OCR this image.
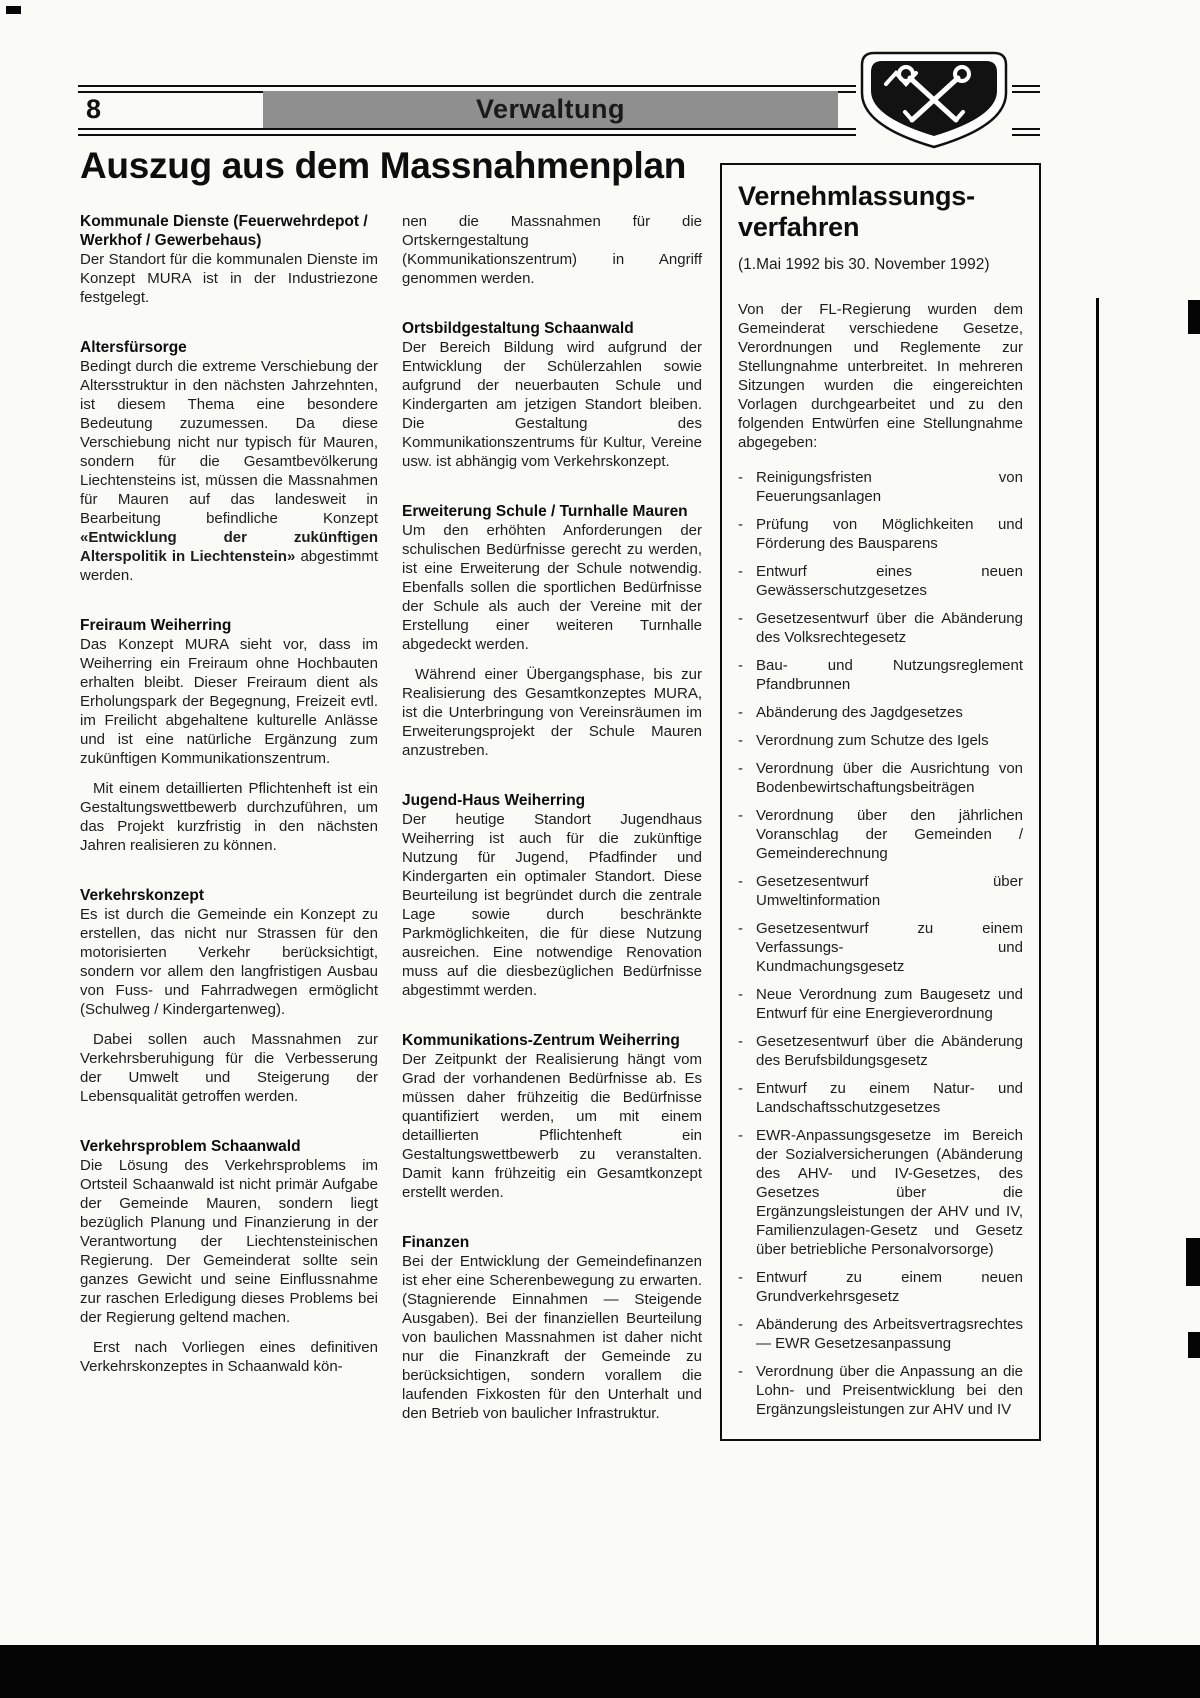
8	Verwaltung
Auszug aus dem Massnahmenplan
Kommunale Dienste (Feuerwehrdepot / Werkhof / Gewerbehaus)

Der Standort für die kommunalen Dienste im Konzept MURA ist in der Industriezone festgelegt.

Altersfürsorge

Bedingt durch die extreme Verschiebung der Altersstruktur in den nächsten Jahrzehnten, ist diesem Thema eine besondere Bedeutung zuzumessen. Da diese Verschiebung nicht nur typisch für Mauren, sondern für die Gesamtbevölkerung Liechtensteins ist, müssen die Massnahmen für Mauren auf das landesweit in Bearbeitung befindliche Konzept «Entwicklung der zukünftigen Alterspolitik in Liechtenstein» abgestimmt werden.

Freiraum Weiherring

Das Konzept MURA sieht vor, dass im Weiherring ein Freiraum ohne Hochbauten erhalten bleibt. Dieser Freiraum dient als Erholungspark der Begegnung, Freizeit evtl. im Freilicht abgehaltene kulturelle Anlässe und ist eine natürliche Ergänzung zum zukünftigen Kommunikationszentrum.

Mit einem detaillierten Pflichtenheft ist ein Gestaltungswettbewerb durchzuführen, um das Projekt kurzfristig in den nächsten Jahren realisieren zu können.

Verkehrskonzept

Es ist durch die Gemeinde ein Konzept zu erstellen, das nicht nur Strassen für den motorisierten Verkehr berücksichtigt, sondern vor allem den langfristigen Ausbau von Fuss- und Fahrradwegen ermöglicht (Schulweg / Kindergartenweg).

Dabei sollen auch Massnahmen zur Verkehrsberuhigung für die Verbesserung der Umwelt und Steigerung der Lebensqualität getroffen werden.

Verkehrsproblem Schaanwald

Die Lösung des Verkehrsproblems im Ortsteil Schaanwald ist nicht primär Aufgabe der Gemeinde Mauren, sondern liegt bezüglich Planung und Finanzierung in der Verantwortung der Liechtensteinischen Regierung. Der Gemeinderat sollte sein ganzes Gewicht und seine Einflussnahme zur raschen Erledigung dieses Problems bei der Regierung geltend machen.

Erst nach Vorliegen eines definitiven Verkehrskonzeptes in Schaanwald kön-

nen die Massnahmen für die Ortskerngestaltung (Kommunikationszentrum) in Angriff genommen werden.

Ortsbildgestaltung Schaanwald

Der Bereich Bildung wird aufgrund der Entwicklung der Schülerzahlen sowie aufgrund der neuerbauten Schule und Kindergarten am jetzigen Standort bleiben. Die Gestaltung des Kommunikationszentrums für Kultur, Vereine usw. ist abhängig vom Verkehrskonzept.

Erweiterung Schule / Turnhalle Mauren

Um den erhöhten Anforderungen der schulischen Bedürfnisse gerecht zu werden, ist eine Erweiterung der Schule notwendig. Ebenfalls sollen die sportlichen Bedürfnisse der Schule als auch der Vereine mit der Erstellung einer weiteren Turnhalle abgedeckt werden.

Während einer Übergangsphase, bis zur Realisierung des Gesamtkonzeptes MURA, ist die Unterbringung von Vereinsräumen im Erweiterungsprojekt der Schule Mauren anzustreben.

Jugend-Haus Weiherring

Der heutige Standort Jugendhaus Weiherring ist auch für die zukünftige Nutzung für Jugend, Pfadfinder und Kindergarten ein optimaler Standort. Diese Beurteilung ist begründet durch die zentrale Lage sowie durch beschränkte Parkmöglichkeiten, die für diese Nutzung ausreichen. Eine notwendige Renovation muss auf die diesbezüglichen Bedürfnisse abgestimmt werden.

Kommunikations-Zentrum Weiherring

Der Zeitpunkt der Realisierung hängt vom Grad der vorhandenen Bedürfnisse ab. Es müssen daher frühzeitig die Bedürfnisse quantifiziert werden, um mit einem detaillierten Pflichtenheft ein Gestaltungswettbewerb zu veranstalten. Damit kann frühzeitig ein Gesamtkonzept erstellt werden.

Finanzen

Bei der Entwicklung der Gemeindefinanzen ist eher eine Scherenbewegung zu erwarten. (Stagnierende Einnahmen — Steigende Ausgaben). Bei der finanziellen Beurteilung von baulichen Massnahmen ist daher nicht nur die Finanzkraft der Gemeinde zu berücksichtigen, sondern vorallem die laufenden Fixkosten für den Unterhalt und den Betrieb von baulicher Infrastruktur.

Vernehmlassungs-
verfahren

(1.Mai 1992 bis 30. November 1992)

Von der FL-Regierung wurden dem Gemeinderat verschiedene Gesetze, Verordnungen und Reglemente zur Stellungnahme unterbreitet. In mehreren Sitzungen wurden die eingereichten Vorlagen durchgearbeitet und zu den folgenden Entwürfen eine Stellungnahme abgegeben:

- Reinigungsfristen von Feuerungsanlagen
- Prüfung von Möglichkeiten und Förderung des Bausparens
- Entwurf eines neuen Gewässerschutzgesetzes
- Gesetzesentwurf über die Abänderung des Volksrechtegesetz
- Bau- und Nutzungsreglement Pfandbrunnen
- Abänderung des Jagdgesetzes
- Verordnung zum Schutze des Igels
- Verordnung über die Ausrichtung von Bodenbewirtschaftungsbeiträgen
- Verordnung über den jährlichen Voranschlag der Gemeinden / Gemeinderechnung
- Gesetzesentwurf über Umweltinformation
- Gesetzesentwurf zu einem Verfassungs- und Kundmachungsgesetz
- Neue Verordnung zum Baugesetz und Entwurf für eine Energieverordnung
- Gesetzesentwurf über die Abänderung des Berufsbildungsgesetz
- Entwurf zu einem Natur- und Landschaftsschutzgesetzes
- EWR-Anpassungsgesetze im Bereich der Sozialversicherungen (Abänderung des AHV- und IV-Gesetzes, des Gesetzes über die Ergänzungsleistungen der AHV und IV, Familienzulagen-Gesetz und Gesetz über betriebliche Personalvorsorge)
- Entwurf zu einem neuen Grundverkehrsgesetz
- Abänderung des Arbeitsvertragsrechtes — EWR Gesetzesanpassung
- Verordnung über die Anpassung an die Lohn- und Preisentwicklung bei den Ergänzungsleistungen zur AHV und IV
